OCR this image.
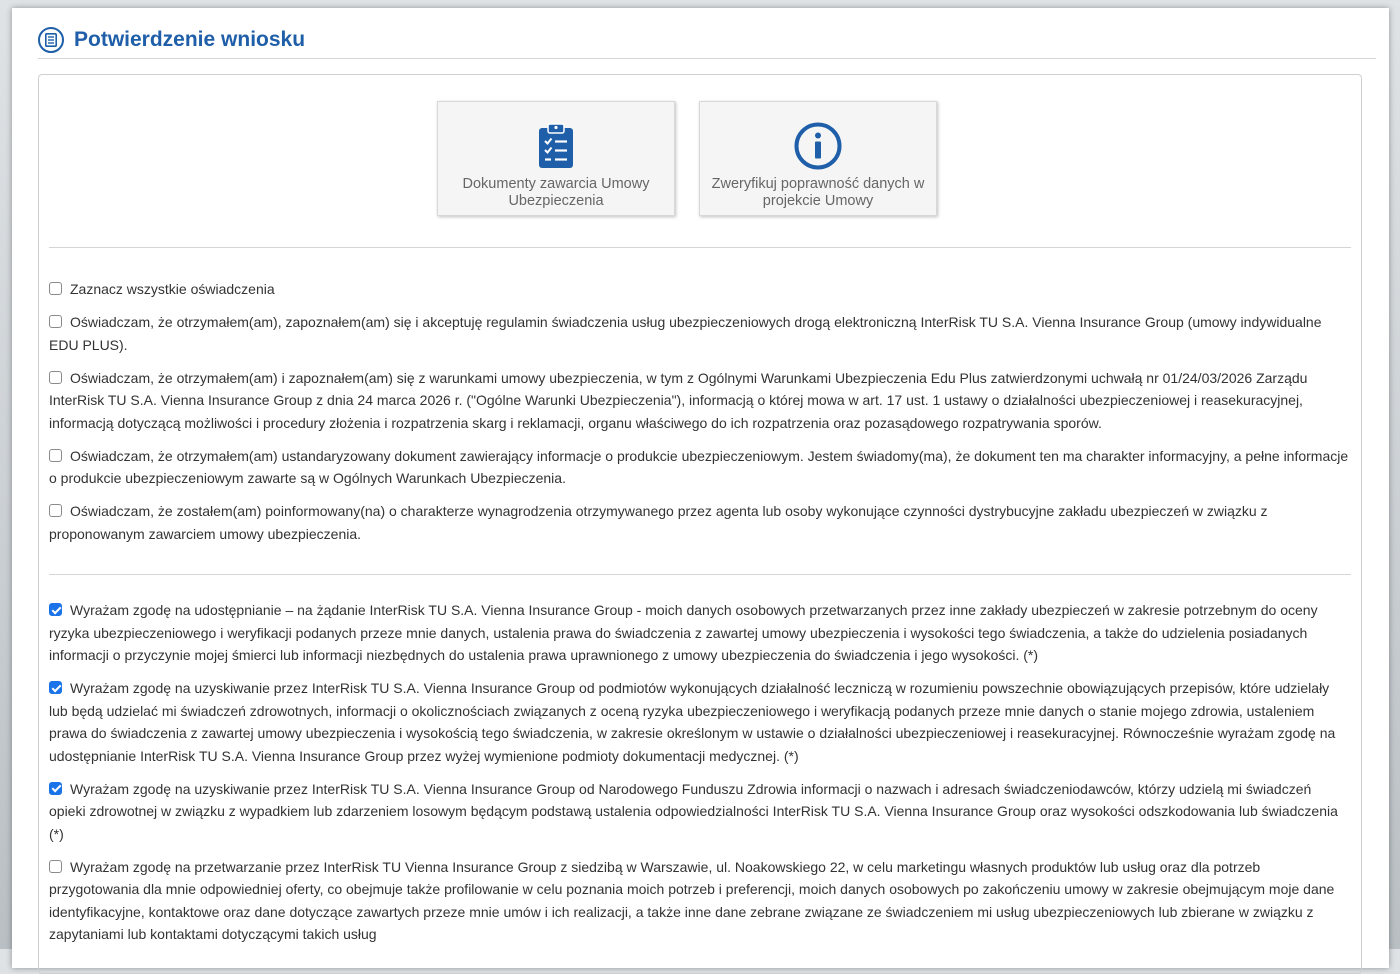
Potwierdzenie wniosku
Dokumenty zawarcia Umowy Ubezpieczenia
Zweryfikuj poprawność danych w projekcie Umowy
Zaznacz wszystkie oświadczenia
Oświadczam, że otrzymałem(am), zapoznałem(am) się i akceptuję regulamin świadczenia usług ubezpieczeniowych drogą elektroniczną InterRisk TU S.A. Vienna Insurance Group (umowy indywidualne EDU PLUS).
Oświadczam, że otrzymałem(am) i zapoznałem(am) się z warunkami umowy ubezpieczenia, w tym z Ogólnymi Warunkami Ubezpieczenia Edu Plus zatwierdzonymi uchwałą nr 01/24/03/2026 Zarządu InterRisk TU S.A. Vienna Insurance Group z dnia 24 marca 2026 r. ("Ogólne Warunki Ubezpieczenia"), informacją o której mowa w art. 17 ust. 1 ustawy o działalności ubezpieczeniowej i reasekuracyjnej, informacją dotyczącą możliwości i procedury złożenia i rozpatrzenia skarg i reklamacji, organu właściwego do ich rozpatrzenia oraz pozasądowego rozpatrywania sporów.
Oświadczam, że otrzymałem(am) ustandaryzowany dokument zawierający informacje o produkcie ubezpieczeniowym. Jestem świadomy(ma), że dokument ten ma charakter informacyjny, a pełne informacje o produkcie ubezpieczeniowym zawarte są w Ogólnych Warunkach Ubezpieczenia.
Oświadczam, że zostałem(am) poinformowany(na) o charakterze wynagrodzenia otrzymywanego przez agenta lub osoby wykonujące czynności dystrybucyjne zakładu ubezpieczeń w związku z proponowanym zawarciem umowy ubezpieczenia.
Wyrażam zgodę na udostępnianie – na żądanie InterRisk TU S.A. Vienna Insurance Group - moich danych osobowych przetwarzanych przez inne zakłady ubezpieczeń w zakresie potrzebnym do oceny ryzyka ubezpieczeniowego i weryfikacji podanych przeze mnie danych, ustalenia prawa do świadczenia z zawartej umowy ubezpieczenia i wysokości tego świadczenia, a także do udzielenia posiadanych informacji o przyczynie mojej śmierci lub informacji niezbędnych do ustalenia prawa uprawnionego z umowy ubezpieczenia do świadczenia i jego wysokości. (*)
Wyrażam zgodę na uzyskiwanie przez InterRisk TU S.A. Vienna Insurance Group od podmiotów wykonujących działalność leczniczą w rozumieniu powszechnie obowiązujących przepisów, które udzielały lub będą udzielać mi świadczeń zdrowotnych, informacji o okolicznościach związanych z oceną ryzyka ubezpieczeniowego i weryfikacją podanych przeze mnie danych o stanie mojego zdrowia, ustaleniem prawa do świadczenia z zawartej umowy ubezpieczenia i wysokością tego świadczenia, w zakresie określonym w ustawie o działalności ubezpieczeniowej i reasekuracyjnej. Równocześnie wyrażam zgodę na udostępnianie InterRisk TU S.A. Vienna Insurance Group przez wyżej wymienione podmioty dokumentacji medycznej. (*)
Wyrażam zgodę na uzyskiwanie przez InterRisk TU S.A. Vienna Insurance Group od Narodowego Funduszu Zdrowia informacji o nazwach i adresach świadczeniodawców, którzy udzielą mi świadczeń opieki zdrowotnej w związku z wypadkiem lub zdarzeniem losowym będącym podstawą ustalenia odpowiedzialności InterRisk TU S.A. Vienna Insurance Group oraz wysokości odszkodowania lub świadczenia (*)
Wyrażam zgodę na przetwarzanie przez InterRisk TU Vienna Insurance Group z siedzibą w Warszawie, ul. Noakowskiego 22, w celu marketingu własnych produktów lub usług oraz dla potrzeb przygotowania dla mnie odpowiedniej oferty, co obejmuje także profilowanie w celu poznania moich potrzeb i preferencji, moich danych osobowych po zakończeniu umowy w zakresie obejmującym moje dane identyfikacyjne, kontaktowe oraz dane dotyczące zawartych przeze mnie umów i ich realizacji, a także inne dane zebrane związane ze świadczeniem mi usług ubezpieczeniowych lub zbierane w związku z zapytaniami lub kontaktami dotyczącymi takich usług
